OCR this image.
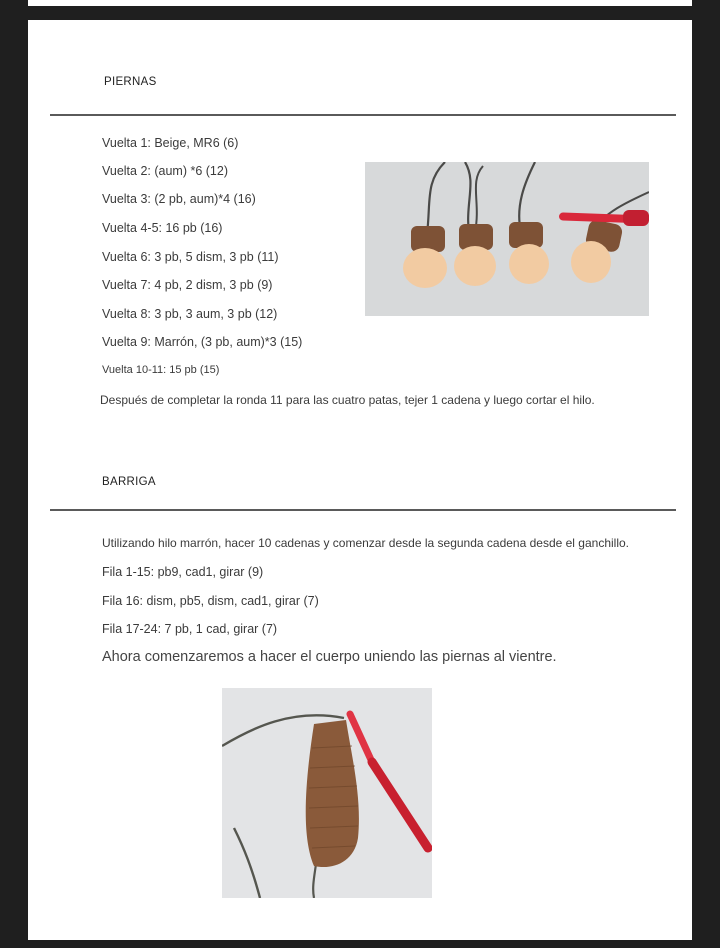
PIERNAS
Vuelta 1: Beige, MR6 (6)
Vuelta 2: (aum) *6 (12)
Vuelta 3: (2 pb, aum)*4 (16)
Vuelta 4-5: 16 pb (16)
Vuelta 6: 3 pb, 5 dism, 3 pb (11)
Vuelta 7: 4 pb, 2 dism, 3 pb (9)
Vuelta 8: 3 pb, 3 aum, 3 pb (12)
Vuelta 9: Marrón, (3 pb, aum)*3 (15)
Vuelta 10-11: 15 pb (15)
Después de completar la ronda 11 para las cuatro patas, tejer 1 cadena y luego cortar el hilo.
BARRIGA
Utilizando hilo marrón, hacer 10 cadenas y comenzar desde la segunda cadena desde el ganchillo.
Fila 1-15: pb9, cad1, girar (9)
Fila 16: dism, pb5, dism, cad1, girar (7)
Fila 17-24: 7 pb, 1 cad, girar (7)
Ahora comenzaremos a hacer el cuerpo uniendo las piernas al vientre.
